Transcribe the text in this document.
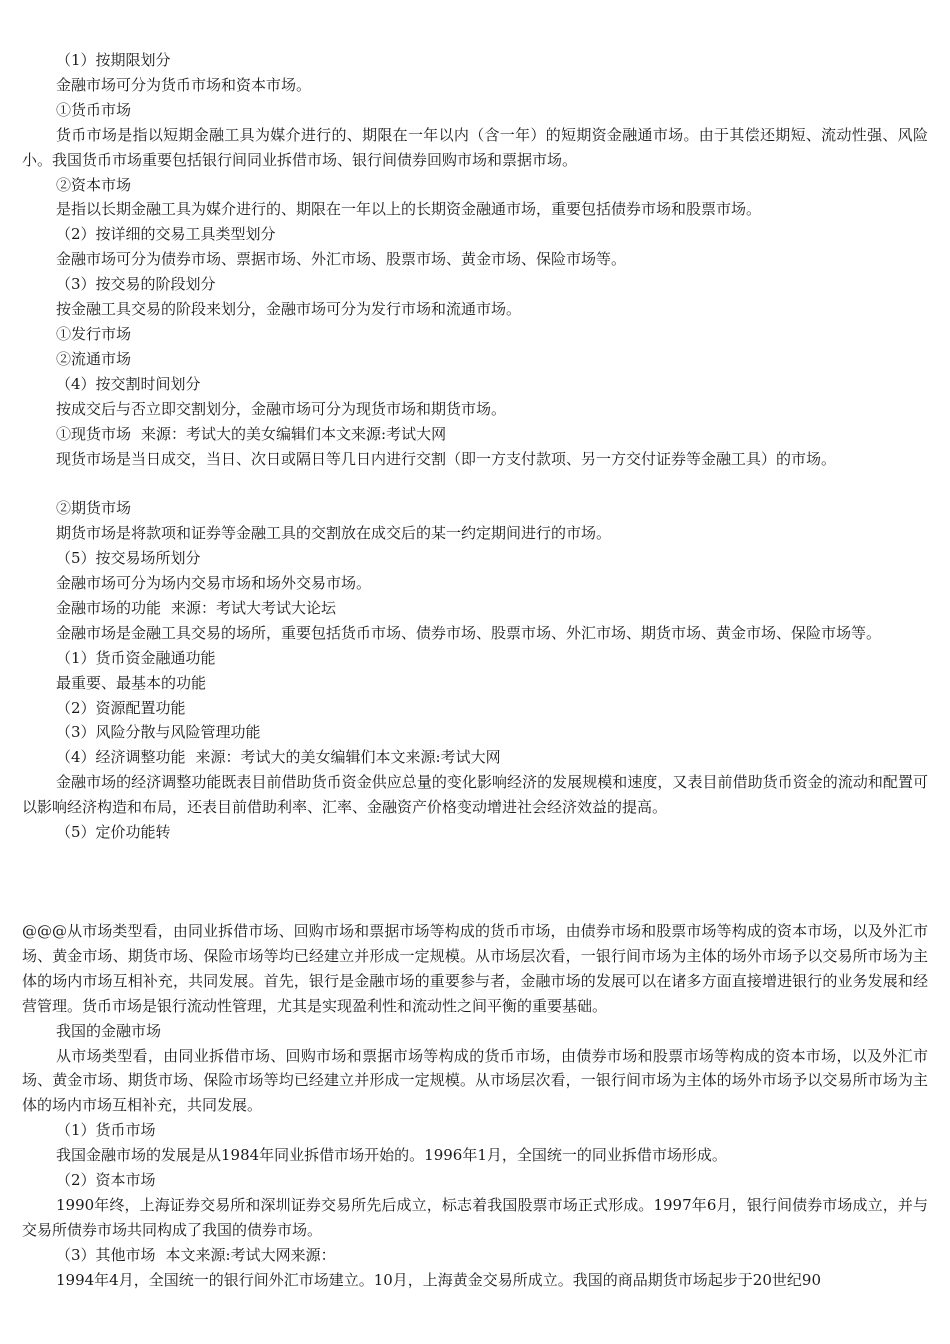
（1）按期限划分

金融市场可分为货币市场和资本市场。

①货币市场

货币市场是指以短期金融工具为媒介进行的、期限在一年以内（含一年）的短期资金融通市场。由于其偿还期短、流动性强、风险小。我国货币市场重要包括银行间同业拆借市场、银行间债券回购市场和票据市场。

②资本市场

是指以长期金融工具为媒介进行的、期限在一年以上的长期资金融通市场，重要包括债券市场和股票市场。

（2）按详细的交易工具类型划分

金融市场可分为债券市场、票据市场、外汇市场、股票市场、黄金市场、保险市场等。

（3）按交易的阶段划分

按金融工具交易的阶段来划分，金融市场可分为发行市场和流通市场。

①发行市场

②流通市场

（4）按交割时间划分

按成交后与否立即交割划分，金融市场可分为现货市场和期货市场。

①现货市场 来源：考试大的美女编辑们本文来源:考试大网

现货市场是当日成交，当日、次日或隔日等几日内进行交割（即一方支付款项、另一方交付证券等金融工具）的市场。

②期货市场

期货市场是将款项和证券等金融工具的交割放在成交后的某一约定期间进行的市场。

（5）按交易场所划分

金融市场可分为场内交易市场和场外交易市场。

金融市场的功能 来源：考试大考试大论坛

金融市场是金融工具交易的场所，重要包括货币市场、债券市场、股票市场、外汇市场、期货市场、黄金市场、保险市场等。

（1）货币资金融通功能

最重要、最基本的功能

（2）资源配置功能

（3）风险分散与风险管理功能

（4）经济调整功能 来源：考试大的美女编辑们本文来源:考试大网

金融市场的经济调整功能既表目前借助货币资金供应总量的变化影响经济的发展规模和速度，又表目前借助货币资金的流动和配置可以影响经济构造和布局，还表目前借助利率、汇率、金融资产价格变动增进社会经济效益的提高。

（5）定价功能转

@@@从市场类型看，由同业拆借市场、回购市场和票据市场等构成的货币市场，由债券市场和股票市场等构成的资本市场，以及外汇市场、黄金市场、期货市场、保险市场等均已经建立并形成一定规模。从市场层次看，一银行间市场为主体的场外市场予以交易所市场为主体的场内市场互相补充，共同发展。首先，银行是金融市场的重要参与者，金融市场的发展可以在诸多方面直接增进银行的业务发展和经营管理。货币市场是银行流动性管理，尤其是实现盈利性和流动性之间平衡的重要基础。

我国的金融市场

从市场类型看，由同业拆借市场、回购市场和票据市场等构成的货币市场，由债券市场和股票市场等构成的资本市场，以及外汇市场、黄金市场、期货市场、保险市场等均已经建立并形成一定规模。从市场层次看，一银行间市场为主体的场外市场予以交易所市场为主体的场内市场互相补充，共同发展。

（1）货币市场

我国金融市场的发展是从1984年同业拆借市场开始的。1996年1月，全国统一的同业拆借市场形成。

（2）资本市场

1990年终，上海证券交易所和深圳证券交易所先后成立，标志着我国股票市场正式形成。1997年6月，银行间债券市场成立，并与交易所债券市场共同构成了我国的债券市场。

（3）其他市场 本文来源:考试大网来源：

1994年4月，全国统一的银行间外汇市场建立。10月，上海黄金交易所成立。我国的商品期货市场起步于20世纪90
